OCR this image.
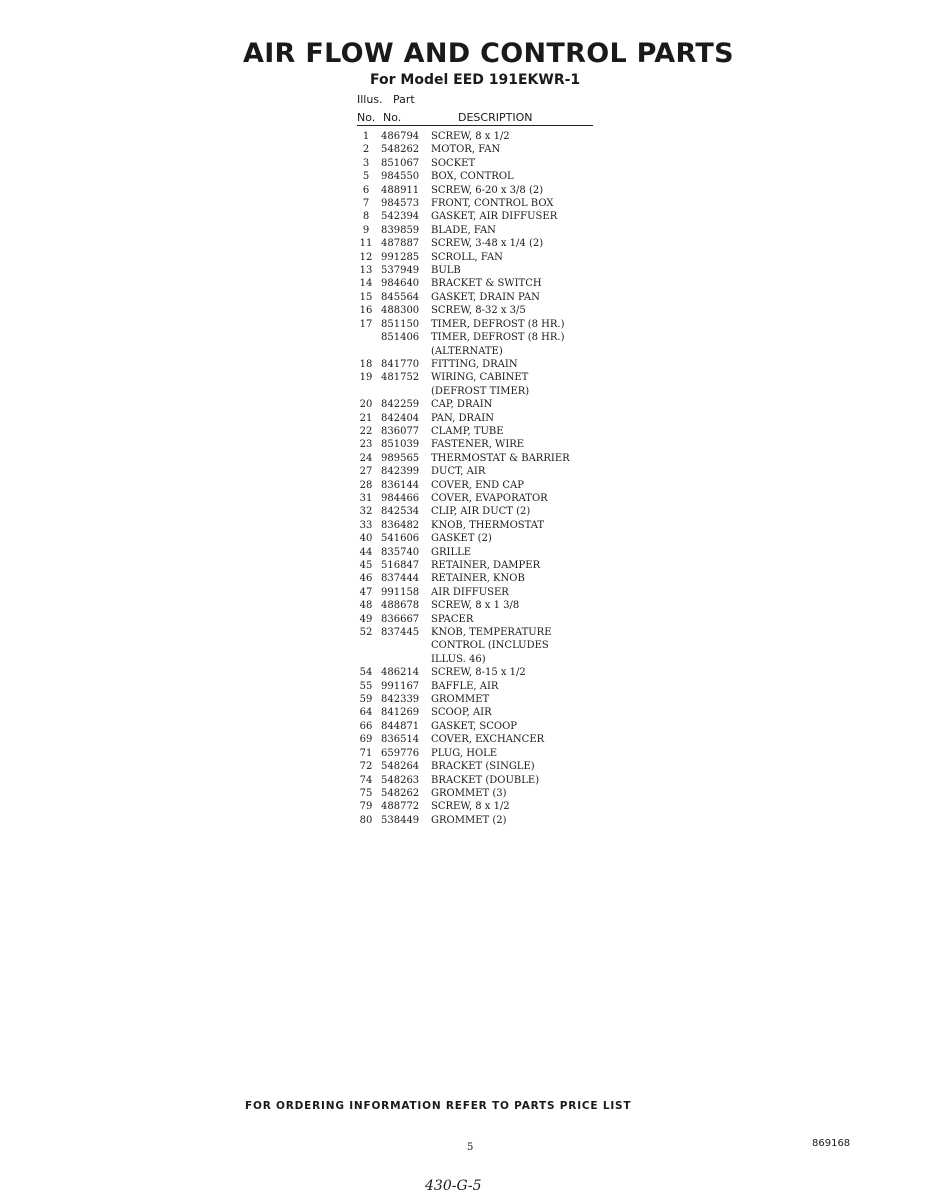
AIR FLOW AND CONTROL PARTS
For Model EED 191EKWR-1
Illus. Part
No. No.	DESCRIPTION
1	486794	SCREW, 8 x 1/2
2	548262	MOTOR, FAN
3	851067	SOCKET
5	984550	BOX, CONTROL
6	488911	SCREW, 6-20 x 3/8 (2)
7	984573	FRONT, CONTROL BOX
8	542394	GASKET, AIR DIFFUSER
9	839859	BLADE, FAN
11 487887	SCREW, 3-48 x 1/4 (2)
12 991285	SCROLL, FAN
13 537949	BULB
14 984640	BRACKET & SWITCH
15 845564	GASKET, DRAIN PAN
16 488300	SCREW, 8-32 x 3/5
17 851150	TIMER, DEFROST (8 HR.)
851406	TIMER, DEFROST (8 HR.)
(ALTERNATE)
18 841770	FITTING, DRAIN
19 481752	WIRING, CABINET
(DEFROST TIMER)
20 842259	CAP, DRAIN
21 842404	PAN, DRAIN
22 836077	CLAMP, TUBE
23 851039	FASTENER, WIRE
24 989565	THERMOSTAT & BARRIER
27 842399	DUCT, AIR
28 836144	COVER, END CAP
31 984466	COVER, EVAPORATOR
32 842534	CLIP, AIR DUCT (2)
33 836482	KNOB, THERMOSTAT
40 541606	GASKET (2)
44 835740	GRILLE
45 516847	RETAINER, DAMPER
46 837444	RETAINER, KNOB
47 991158	AIR DIFFUSER
48 488678	SCREW, 8 x 1 3/8
49 836667	SPACER
52 837445	KNOB, TEMPERATURE
CONTROL (INCLUDES
ILLUS. 46)
54 486214	SCREW, 8-15 x 1/2
55 991167	BAFFLE, AIR
59 842339	GROMMET
64 841269	SCOOP, AIR
66 844871	GASKET, SCOOP
69 836514	COVER, EXCHANCER
71 659776	PLUG, HOLE
72 548264	BRACKET (SINGLE)
74 548263	BRACKET (DOUBLE)
75 548262	GROMMET (3)
79 488772	SCREW, 8 x 1/2
80 538449	GROMMET (2)
FOR ORDERING INFORMATION REFER TO PARTS PRICE LIST
5	869168
430-G-5
